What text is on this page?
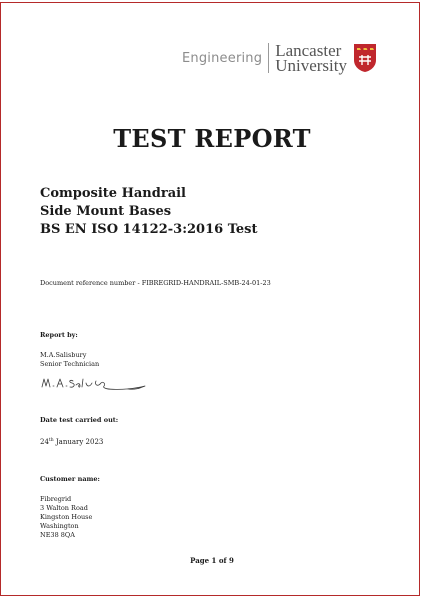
Engineering Lancaster
University
TEST REPORT
Composite Handrail
Side Mount Bases
BS EN ISO 14122-3:2016 Test
Document reference number - FIBREGRID-HANDRAIL-SMB-24-01-23
Report by:
M.A.Salisbury
Senior Technician
Date test carried out:
24th January 2023
Customer name:
Fibregrid
3 Walton Road
Kingston House
Washington
NE38 8QA
Page 1 of 9
